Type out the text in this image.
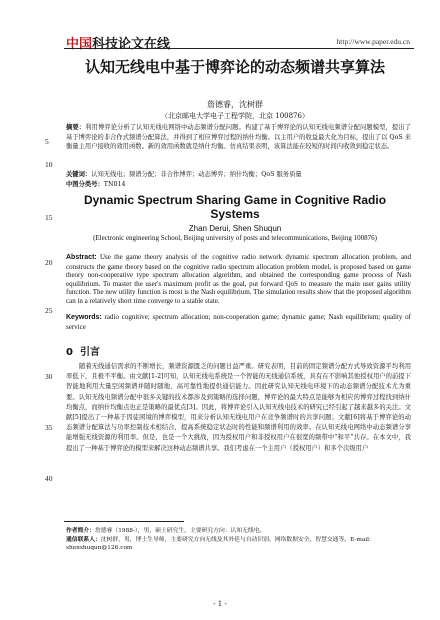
中国科技论文在线	http://www.paper.edu.cn
5
10
15
20
25
30
35
40
认知无线电中基于博弈论的动态频谱共享算法
詹德睿，沈树群
（北京邮电大学电子工程学院，北京 100876）
摘要：利用博弈论分析了认知无线电网络中动态频谱分配问题。构建了基于博弈论的认知无线电频谱分配问题模型，提出了基于博弈论的非合作式频谱分配算法，并得到了相应博弈过程的纳什均衡。以主用户的收益最大化为目标，提出了以 QoS 来衡量主用户接收的效用函数。新的效用函数就是纳什均衡。仿真结果表明，该算法能在较短的时间内收敛到稳定状态。
关键词：认知无线电；频谱分配；非合作博弈；动态博弈；纳什均衡；QoS 服务质量
中图分类号：TN014
Dynamic Spectrum Sharing Game in Cognitive Radio Systems
Zhan Derui, Shen Shuqun
(Electronic engineering School, Beijing university of posts and telecommunications, Beijing 100876)
Abstract: Use the game theory analysis of the cognitive radio network dynamic spectrum allocation problem, and constructs the game theory based on the cognitive radio spectrum allocation problem model, is proposed based on game theory non-cooperative type spectrum allocation algorithm, and obtained the corresponding game process of Nash equilibrium. To master the user's maximum profit as the goal, put forward QoS to measure the main user gains utility function. The new utility function is most is the Nash equilibrium. The simulation results show that the proposed algorithm can in a relatively short time converge to a stable state.
Keywords: radio cognitive; spectrum allocation; non-cooperation game; dynamic game; Nash equilibrium; quality of service
0 引言
随着无线通信需求的不断增长，频谱资源匮乏的问题日益严重。研究表明，目前的固定频谱分配方式导致资源平均利用率低下，且极不平衡。由文献[1-2]可知，认知无线电系统是一个智能的无线通信系统，具有在不影响其他授权用户的前提下智能地利用大量空闲频谱并随时随地、高可靠性地提供通信能力。因此研究认知无线电环境下的动态频谱分配技术尤为重要。认知无线电频谱分配中很多关键的技术都涉及到策略的选择问题，博弈论的最大特点是能够为相应的博弈过程找到纳什均衡点，而纳什均衡点也正是策略的最优点[3]。因此，将博弈论引入认知无线电技术的研究已经引起了越来越多的关注。文献[5]提出了一种基于因徒困境的博弈模型，用来分析认知无线电用户在竞争频谱时的共享问题；文献[6]将基于博弈论的动态频谱分配算法与功率控制技术相结合，提高系统稳定状态时的性能和频谱利用的效率。在认知无线电网络中动态频谱分享能增强无线资源的利用率。但是，也是一个大挑战，因为授权用户和非授权用户在很宽的频带中“和平”共存。在本文中，我提出了一种基于博弈论的模型来解决这种动态频谱共享。我们考虑在一个主用户（授权用户）和多个次级用户
作者简介：詹德睿（1988-），男，硕士研究生，主要研究方向：认知无线电。
通信联系人：沈树群，男，博士生导师，主要研究方向无线及其外延与自动识别、网络数据安全、智慧交通等。E-mail: shenshuqun@126.com
- 1 -
